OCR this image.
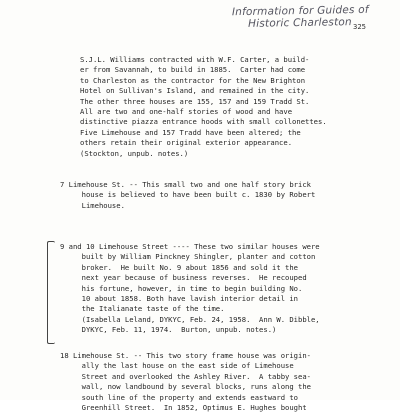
Information for Guides of
Historic Charleston 325
S.J.L. Williams contracted with W.F. Carter, a build-
er from Savannah, to build in 1885.  Carter had come
to Charleston as the contractor for the New Brighton
Hotel on Sullivan's Island, and remained in the city.
The other three houses are 155, 157 and 159 Tradd St.
All are two and one-half stories of wood and have
distinctive piazza entrance hoods with small collonettes.
Five Limehouse and 157 Tradd have been altered; the
others retain their original exterior appearance.
(Stockton, unpub. notes.)
7 Limehouse St. -- This small two and one half story brick
house is believed to have been built c. 1830 by Robert
Limehouse.
9 and 10 Limehouse Street ---- These two similar houses were
built by William Pinckney Shingler, planter and cotton
broker.  He built No. 9 about 1856 and sold it the
next year because of business reverses.  He recouped
his fortune, however, in time to begin building No.
10 about 1858. Both have lavish interior detail in
the Italianate taste of the time.
(Isabella Leland, DYKYC, Feb. 24, 1958.  Ann W. Dibble,
DYKYC, Feb. 11, 1974.  Burton, unpub. notes.)
18 Limehouse St. -- This two story frame house was origin-
ally the last house on the east side of Limehouse
Street and overlooked the Ashley River.  A tabby sea-
wall, now landbound by several blocks, runs along the
south line of the property and extends eastward to
Greenhill Street.  In 1852, Optimus E. Hughes bought
